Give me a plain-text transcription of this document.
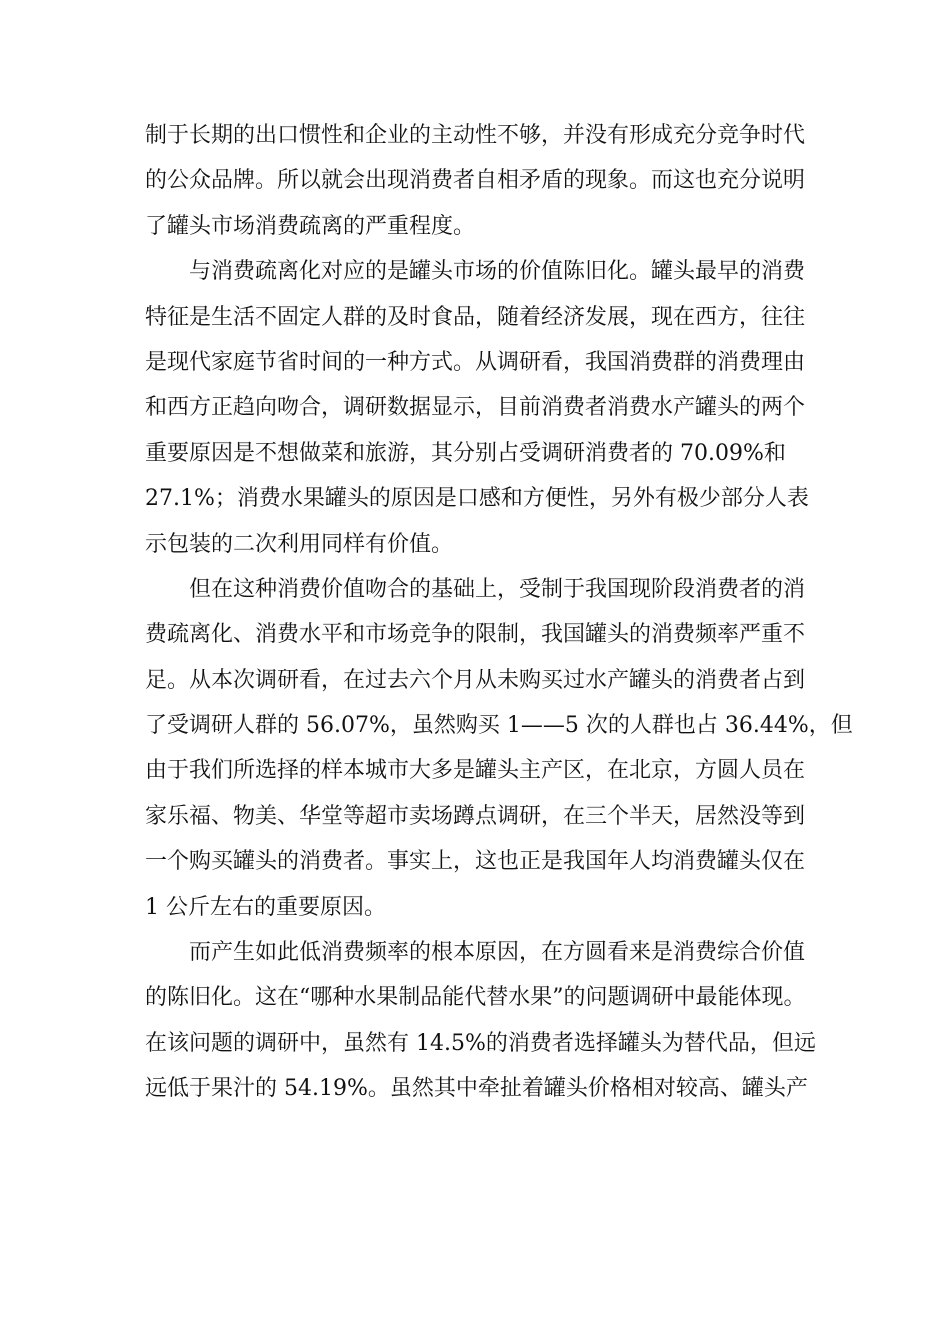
制于长期的出口惯性和企业的主动性不够，并没有形成充分竞争时代
的公众品牌。所以就会出现消费者自相矛盾的现象。而这也充分说明
了罐头市场消费疏离的严重程度。
与消费疏离化对应的是罐头市场的价值陈旧化。罐头最早的消费
特征是生活不固定人群的及时食品，随着经济发展，现在西方，往往
是现代家庭节省时间的一种方式。从调研看，我国消费群的消费理由
和西方正趋向吻合，调研数据显示，目前消费者消费水产罐头的两个
重要原因是不想做菜和旅游，其分别占受调研消费者的 70.09%和
27.1%；消费水果罐头的原因是口感和方便性，另外有极少部分人表
示包装的二次利用同样有价值。
但在这种消费价值吻合的基础上，受制于我国现阶段消费者的消
费疏离化、消费水平和市场竞争的限制，我国罐头的消费频率严重不
足。从本次调研看，在过去六个月从未购买过水产罐头的消费者占到
了受调研人群的 56.07%，虽然购买 1——5 次的人群也占 36.44%，但
由于我们所选择的样本城市大多是罐头主产区，在北京，方圆人员在
家乐福、物美、华堂等超市卖场蹲点调研，在三个半天，居然没等到
一个购买罐头的消费者。事实上，这也正是我国年人均消费罐头仅在
1 公斤左右的重要原因。
而产生如此低消费频率的根本原因，在方圆看来是消费综合价值
的陈旧化。这在“哪种水果制品能代替水果”的问题调研中最能体现。
在该问题的调研中，虽然有 14.5%的消费者选择罐头为替代品，但远
远低于果汁的 54.19%。虽然其中牵扯着罐头价格相对较高、罐头产
